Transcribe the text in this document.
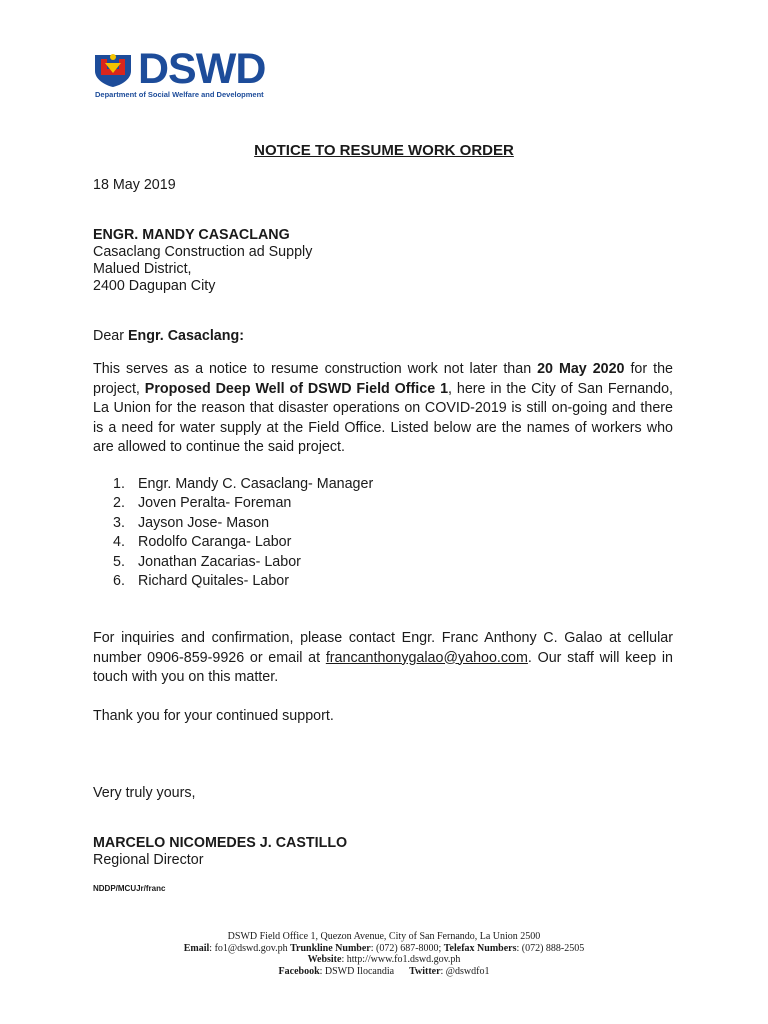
DSWD
Department of Social Welfare and Development
NOTICE TO RESUME WORK ORDER
18 May 2019
ENGR. MANDY CASACLANG
Casaclang Construction ad Supply
Malued District,
2400 Dagupan City
Dear Engr. Casaclang:
This serves as a notice to resume construction work not later than 20 May 2020 for the project, Proposed Deep Well of DSWD Field Office 1, here in the City of San Fernando, La Union for the reason that disaster operations on COVID-2019 is still on-going and there is a need for water supply at the Field Office. Listed below are the names of workers who are allowed to continue the said project.
1. Engr. Mandy C. Casaclang- Manager
2. Joven Peralta- Foreman
3. Jayson Jose- Mason
4. Rodolfo Caranga- Labor
5. Jonathan Zacarias- Labor
6. Richard Quitales- Labor
For inquiries and confirmation, please contact Engr. Franc Anthony C. Galao at cellular number 0906-859-9926 or email at francanthonygalao@yahoo.com. Our staff will keep in touch with you on this matter.
Thank you for your continued support.
Very truly yours,
MARCELO NICOMEDES J. CASTILLO
Regional Director
NDDP/MCUJr/franc
DSWD Field Office 1, Quezon Avenue, City of San Fernando, La Union 2500
Email: fo1@dswd.gov.ph Trunkline Number: (072) 687-8000; Telefax Numbers: (072) 888-2505
Website: http://www.fo1.dswd.gov.ph
Facebook: DSWD Ilocandia      Twitter: @dswdfo1
